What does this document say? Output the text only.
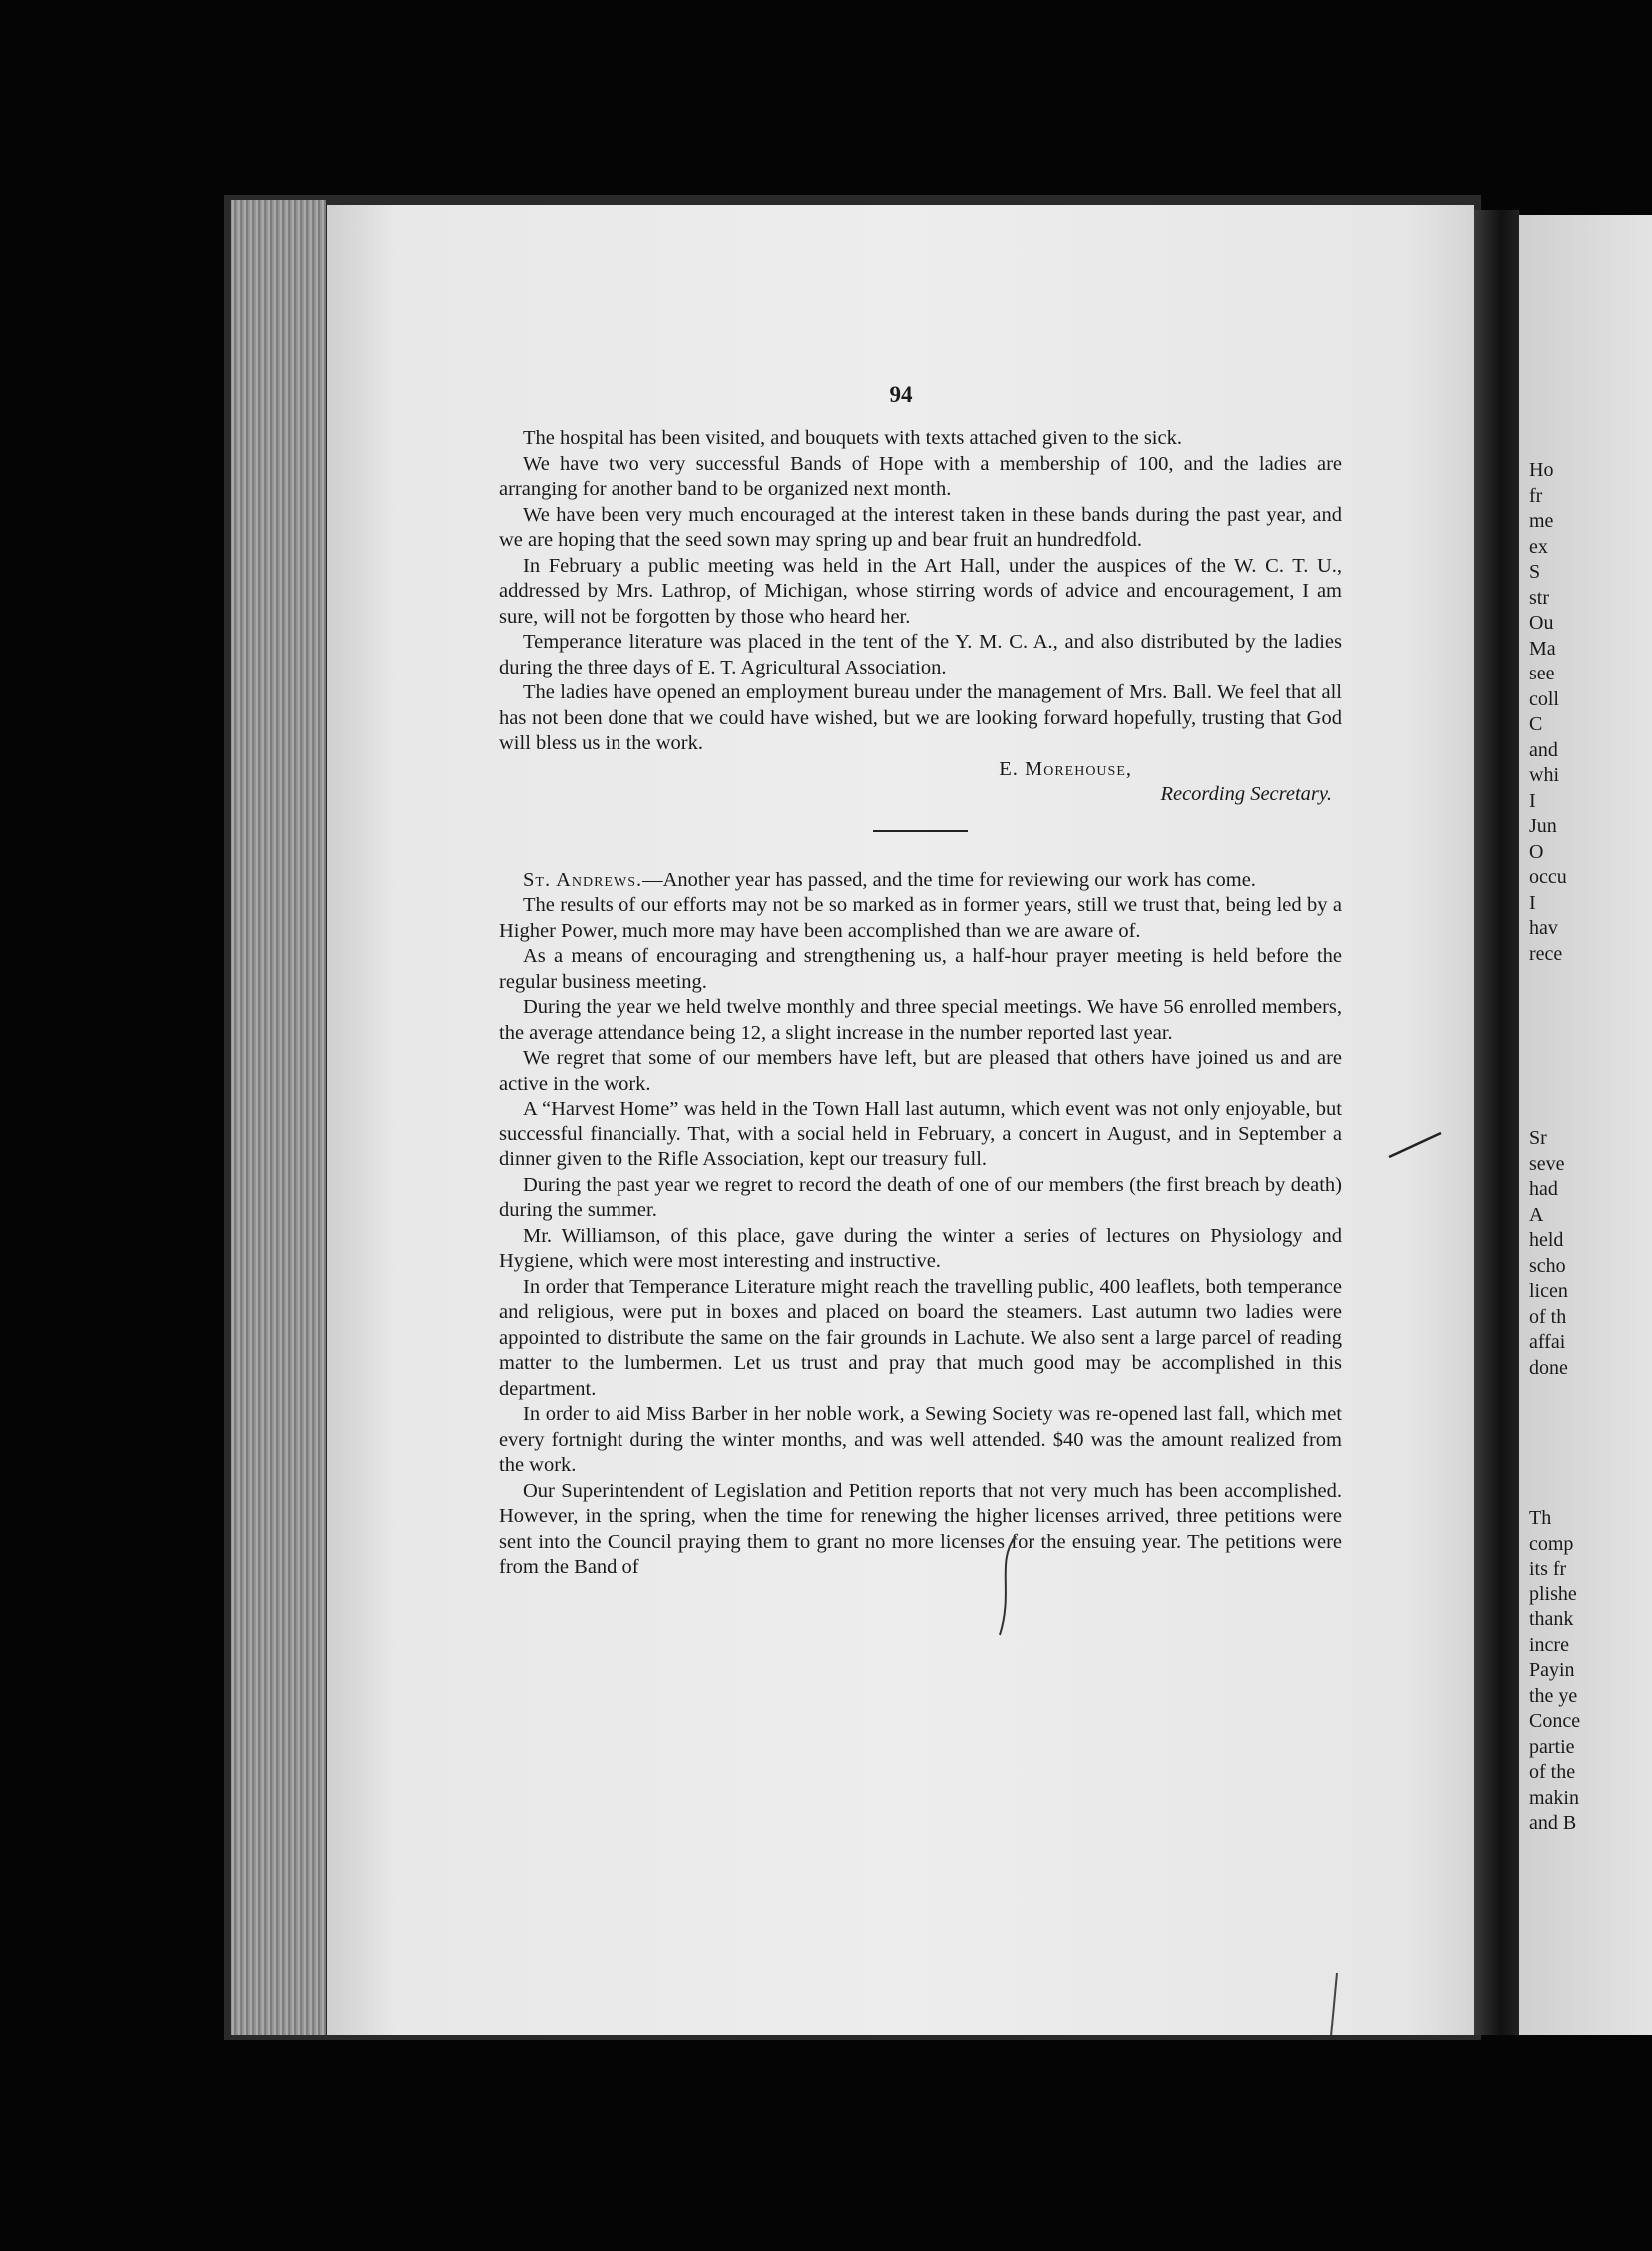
94

The hospital has been visited, and bouquets with texts attached given to the sick.

We have two very successful Bands of Hope with a membership of 100, and the ladies are arranging for another band to be organized next month.

We have been very much encouraged at the interest taken in these bands during the past year, and we are hoping that the seed sown may spring up and bear fruit an hundredfold.

In February a public meeting was held in the Art Hall, under the auspices of the W. C. T. U., addressed by Mrs. Lathrop, of Michigan, whose stirring words of advice and encouragement, I am sure, will not be forgotten by those who heard her.

Temperance literature was placed in the tent of the Y. M. C. A., and also distributed by the ladies during the three days of E. T. Agricultural Association.

The ladies have opened an employment bureau under the management of Mrs. Ball. We feel that all has not been done that we could have wished, but we are looking forward hopefully, trusting that God will bless us in the work.

E. Morehouse,

Recording Secretary.

St. Andrews.—Another year has passed, and the time for reviewing our work has come.

The results of our efforts may not be so marked as in former years, still we trust that, being led by a Higher Power, much more may have been accomplished than we are aware of.

As a means of encouraging and strengthening us, a half-hour prayer meeting is held before the regular business meeting.

During the year we held twelve monthly and three special meetings. We have 56 enrolled members, the average attendance being 12, a slight increase in the number reported last year.

We regret that some of our members have left, but are pleased that others have joined us and are active in the work.

A “Harvest Home” was held in the Town Hall last autumn, which event was not only enjoyable, but successful financially. That, with a social held in February, a concert in August, and in September a dinner given to the Rifle Association, kept our treasury full.

During the past year we regret to record the death of one of our members (the first breach by death) during the summer.

Mr. Williamson, of this place, gave during the winter a series of lectures on Physiology and Hygiene, which were most interesting and instructive.

In order that Temperance Literature might reach the travelling public, 400 leaflets, both temperance and religious, were put in boxes and placed on board the steamers. Last autumn two ladies were appointed to distribute the same on the fair grounds in Lachute. We also sent a large parcel of reading matter to the lumbermen. Let us trust and pray that much good may be accomplished in this department.

In order to aid Miss Barber in her noble work, a Sewing Society was re-opened last fall, which met every fortnight during the winter months, and was well attended. $40 was the amount realized from the work.

Our Superintendent of Legislation and Petition reports that not very much has been accomplished. However, in the spring, when the time for renewing the higher licenses arrived, three petitions were sent into the Council praying them to grant no more licenses for the ensuing year. The petitions were from the Band of

Ho
fr
me
ex
S
str
Ou
Ma
see
coll
C
and
whi
I
Jun
O
occu
I
hav
rece
Sr
seve
had
A
held
scho
licen
of th
affai
done
Th
comp
its fr
plishe
thank
incre
Payin
the ye
Conce
partie
of the
makin
and B
